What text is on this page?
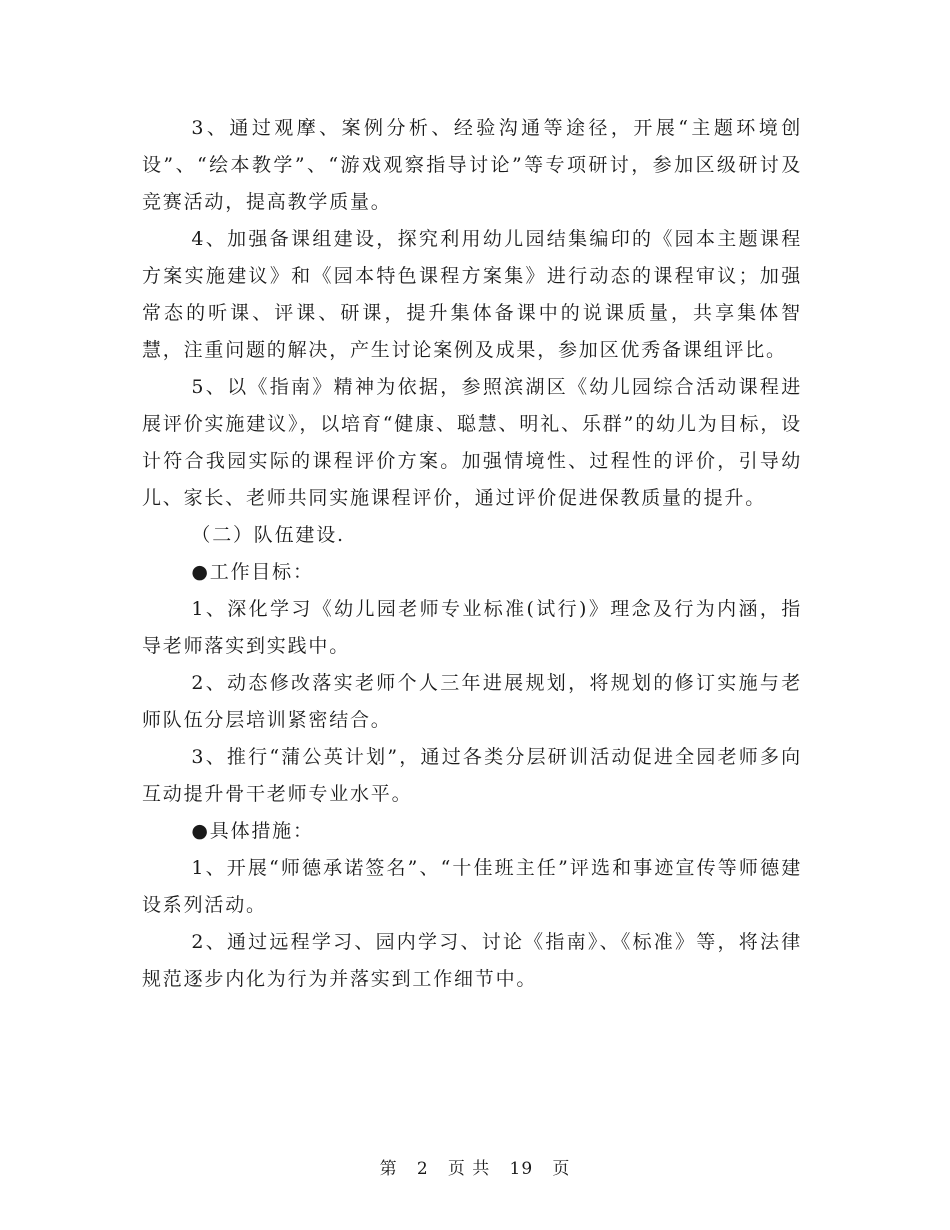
3、通过观摩、案例分析、经验沟通等途径，开展“主题环境创设”、“绘本教学”、“游戏观察指导讨论”等专项研讨，参加区级研讨及竞赛活动，提高教学质量。

4、加强备课组建设，探究利用幼儿园结集编印的《园本主题课程方案实施建议》和《园本特色课程方案集》进行动态的课程审议；加强常态的听课、评课、研课，提升集体备课中的说课质量，共享集体智慧，注重问题的解决，产生讨论案例及成果，参加区优秀备课组评比。

5、以《指南》精神为依据，参照滨湖区《幼儿园综合活动课程进展评价实施建议》，以培育“健康、聪慧、明礼、乐群”的幼儿为目标，设计符合我园实际的课程评价方案。加强情境性、过程性的评价，引导幼儿、家长、老师共同实施课程评价，通过评价促进保教质量的提升。

（二）队伍建设.

●工作目标：

1、深化学习《幼儿园老师专业标准(试行)》理念及行为内涵，指导老师落实到实践中。

2、动态修改落实老师个人三年进展规划，将规划的修订实施与老师队伍分层培训紧密结合。

3、推行“蒲公英计划”，通过各类分层研训活动促进全园老师多向互动提升骨干老师专业水平。

●具体措施：

1、开展“师德承诺签名”、“十佳班主任”评选和事迹宣传等师德建设系列活动。

2、通过远程学习、园内学习、讨论《指南》、《标准》等，将法律规范逐步内化为行为并落实到工作细节中。

第 2 页 共 19 页
